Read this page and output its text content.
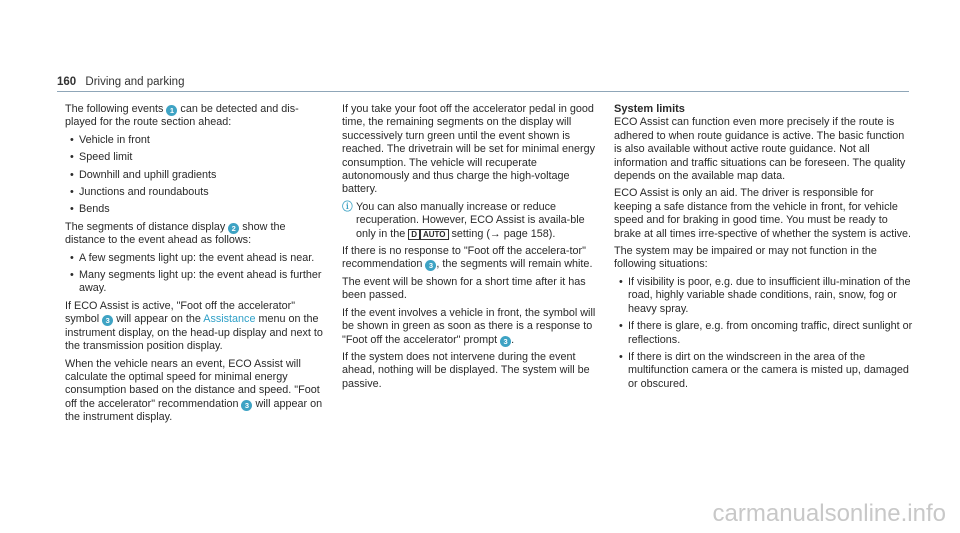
160 Driving and parking

The following events 1 can be detected and dis-played for the route section ahead:

• Vehicle in front
• Speed limit
• Downhill and uphill gradients
• Junctions and roundabouts
• Bends

The segments of distance display 2 show the distance to the event ahead as follows:

• A few segments light up: the event ahead is near.
• Many segments light up: the event ahead is further away.

If ECO Assist is active, "Foot off the accelerator" symbol 3 will appear on the Assistance menu on the instrument display, on the head-up display and next to the transmission position display.

When the vehicle nears an event, ECO Assist will calculate the optimal speed for minimal energy consumption based on the distance and speed. "Foot off the accelerator" recommendation 3 will appear on the instrument display.

If you take your foot off the accelerator pedal in good time, the remaining segments on the display will successively turn green until the event shown is reached. The drivetrain will be set for minimal energy consumption. The vehicle will recuperate autonomously and thus charge the high-voltage battery.

ⓘ You can also manually increase or reduce recuperation. However, ECO Assist is availa-ble only in the D AUTO setting (→ page 158).

If there is no response to "Foot off the accelera-tor" recommendation 3 , the segments will remain white.

The event will be shown for a short time after it has been passed.

If the event involves a vehicle in front, the symbol will be shown in green as soon as there is a response to "Foot off the accelerator" prompt 3 .

If the system does not intervene during the event ahead, nothing will be displayed. The system will be passive.

System limits

ECO Assist can function even more precisely if the route is adhered to when route guidance is active. The basic function is also available without active route guidance. Not all information and traffic situations can be foreseen. The quality depends on the available map data.

ECO Assist is only an aid. The driver is responsible for keeping a safe distance from the vehicle in front, for vehicle speed and for braking in good time. You must be ready to brake at all times irre-spective of whether the system is active.

The system may be impaired or may not function in the following situations:

• If visibility is poor, e.g. due to insufficient illu-mination of the road, highly variable shade conditions, rain, snow, fog or heavy spray.
• If there is glare, e.g. from oncoming traffic, direct sunlight or reflections.
• If there is dirt on the windscreen in the area of the multifunction camera or the camera is misted up, damaged or obscured.
carmanualsonline.info
